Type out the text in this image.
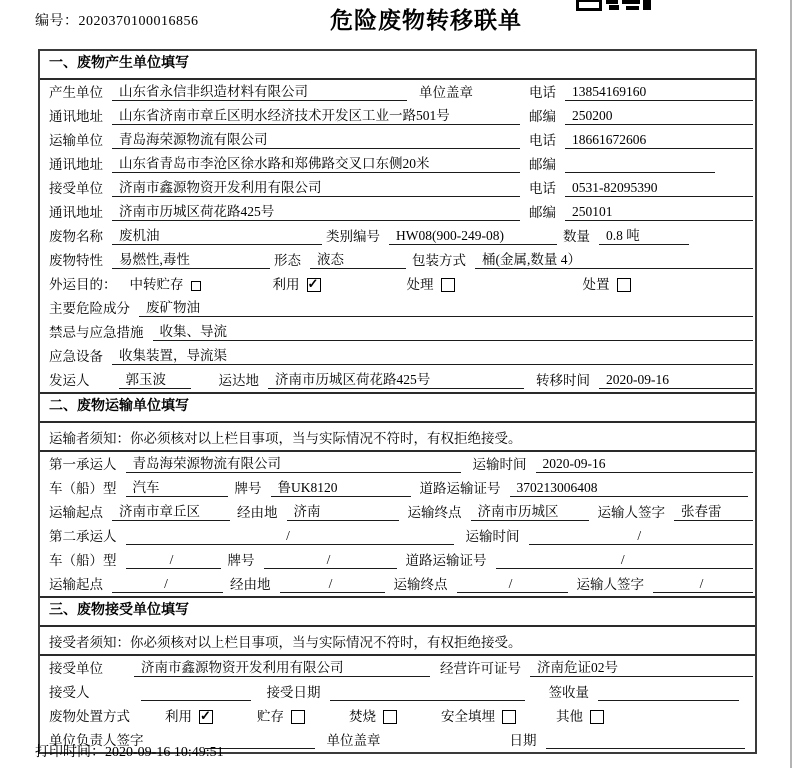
编号：2020370100016856	危险废物转移联单
一、废物产生单位填写
产生单位	山东省永信非织造材料有限公司	单位盖章	电话	13854169160
通讯地址	山东省济南市章丘区明水经济技术开发区工业一路501号	邮编	250200
运输单位	青岛海荣源物流有限公司	电话	18661672606
通讯地址	山东省青岛市李沧区徐水路和郑佛路交叉口东侧20米	邮编
接受单位	济南市鑫源物资开发利用有限公司	电话	0531-82095390
通讯地址	济南市历城区荷花路425号	邮编	250101
废物名称	废机油	类别编号	HW08(900-249-08)	数量	0.8 吨
废物特性	易燃性,毒性	形态	液态	包装方式	桶(金属,数量 4）
外运目的： 中转贮存	利用 ✓	处理	处置
主要危险成分	废矿物油
禁忌与应急措施	收集、导流
应急设备	收集装置，导流渠
发运人	郭玉波	运达地	济南市历城区荷花路425号	转移时间	2020-09-16
二、废物运输单位填写
运输者须知：你必须核对以上栏目事项，当与实际情况不符时，有权拒绝接受。
第一承运人	青岛海荣源物流有限公司	运输时间	2020-09-16
车（船）型	汽车	牌号	鲁UK8120	道路运输证号	370213006408
运输起点	济南市章丘区	经由地	济南	运输终点	济南市历城区	运输人签字	张春雷
第二承运人	/	运输时间	/
车（船）型	/	牌号	/	道路运输证号	/
运输起点	/	经由地	/	运输终点	/	运输人签字	/
三、废物接受单位填写
接受者须知：你必须核对以上栏目事项，当与实际情况不符时，有权拒绝接受。
接受单位	济南市鑫源物资开发利用有限公司	经营许可证号	济南危证02号
接受人	接受日期	签收量
废物处置方式	利用 ✓	贮存	焚烧	安全填埋	其他
单位负责人签字	单位盖章	日期
打印时间：2020-09-16 10:49:51
